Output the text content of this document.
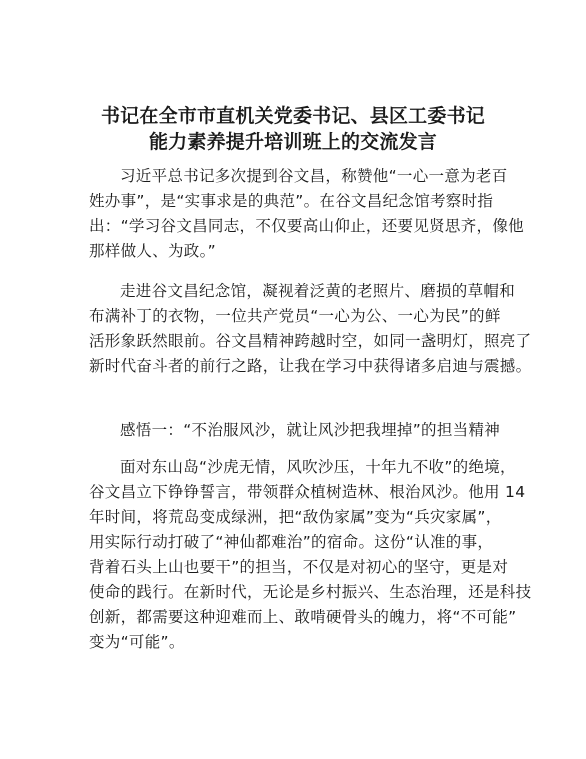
书记在全市市直机关党委书记、县区工委书记
能力素养提升培训班上的交流发言
习近平总书记多次提到谷文昌，称赞他“一心一意为老百
姓办事”，是“实事求是的典范”。在谷文昌纪念馆考察时指
出：“学习谷文昌同志，不仅要高山仰止，还要见贤思齐，像他
那样做人、为政。”
走进谷文昌纪念馆，凝视着泛黄的老照片、磨损的草帽和
布满补丁的衣物，一位共产党员“一心为公、一心为民”的鲜
活形象跃然眼前。谷文昌精神跨越时空，如同一盏明灯，照亮了
新时代奋斗者的前行之路，让我在学习中获得诸多启迪与震撼。
感悟一：“不治服风沙，就让风沙把我埋掉”的担当精神
面对东山岛“沙虎无情，风吹沙压，十年九不收”的绝境，
谷文昌立下铮铮誓言，带领群众植树造林、根治风沙。他用 14
年时间，将荒岛变成绿洲，把“敌伪家属”变为“兵灾家属”，
用实际行动打破了“神仙都难治”的宿命。这份“认准的事，
背着石头上山也要干”的担当，不仅是对初心的坚守，更是对
使命的践行。在新时代，无论是乡村振兴、生态治理，还是科技
创新，都需要这种迎难而上、敢啃硬骨头的魄力，将“不可能”
变为“可能”。
